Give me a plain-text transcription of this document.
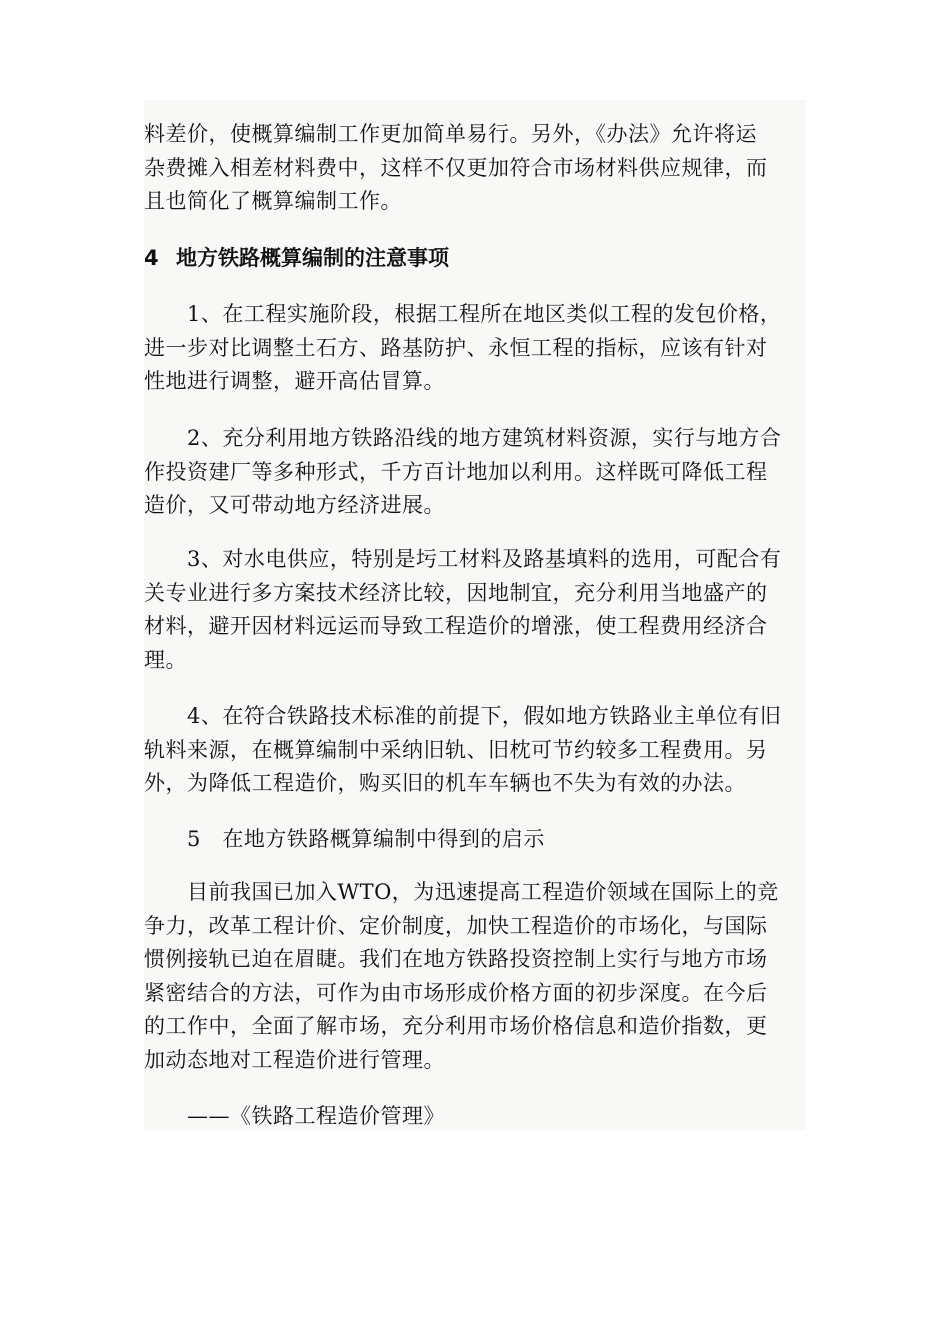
料差价，使概算编制工作更加简单易行。另外，《办法》允许将运
杂费摊入相差材料费中，这样不仅更加符合市场材料供应规律，而
且也简化了概算编制工作。
4 地方铁路概算编制的注意事项
　　1、在工程实施阶段，根据工程所在地区类似工程的发包价格，
进一步对比调整土石方、路基防护、永恒工程的指标，应该有针对
性地进行调整，避开高估冒算。
　　2、充分利用地方铁路沿线的地方建筑材料资源，实行与地方合
作投资建厂等多种形式，千方百计地加以利用。这样既可降低工程
造价，又可带动地方经济进展。
　　3、对水电供应，特别是圬工材料及路基填料的选用，可配合有
关专业进行多方案技术经济比较，因地制宜，充分利用当地盛产的
材料，避开因材料远运而导致工程造价的增涨，使工程费用经济合
理。
　　4、在符合铁路技术标准的前提下，假如地方铁路业主单位有旧
轨料来源，在概算编制中采纳旧轨、旧枕可节约较多工程费用。另
外，为降低工程造价，购买旧的机车车辆也不失为有效的办法。
　　5　在地方铁路概算编制中得到的启示
　　目前我国已加入WTO，为迅速提高工程造价领域在国际上的竞
争力，改革工程计价、定价制度，加快工程造价的市场化，与国际
惯例接轨已迫在眉睫。我们在地方铁路投资控制上实行与地方市场
紧密结合的方法，可作为由市场形成价格方面的初步深度。在今后
的工作中，全面了解市场，充分利用市场价格信息和造价指数，更
加动态地对工程造价进行管理。
　　——《铁路工程造价管理》
